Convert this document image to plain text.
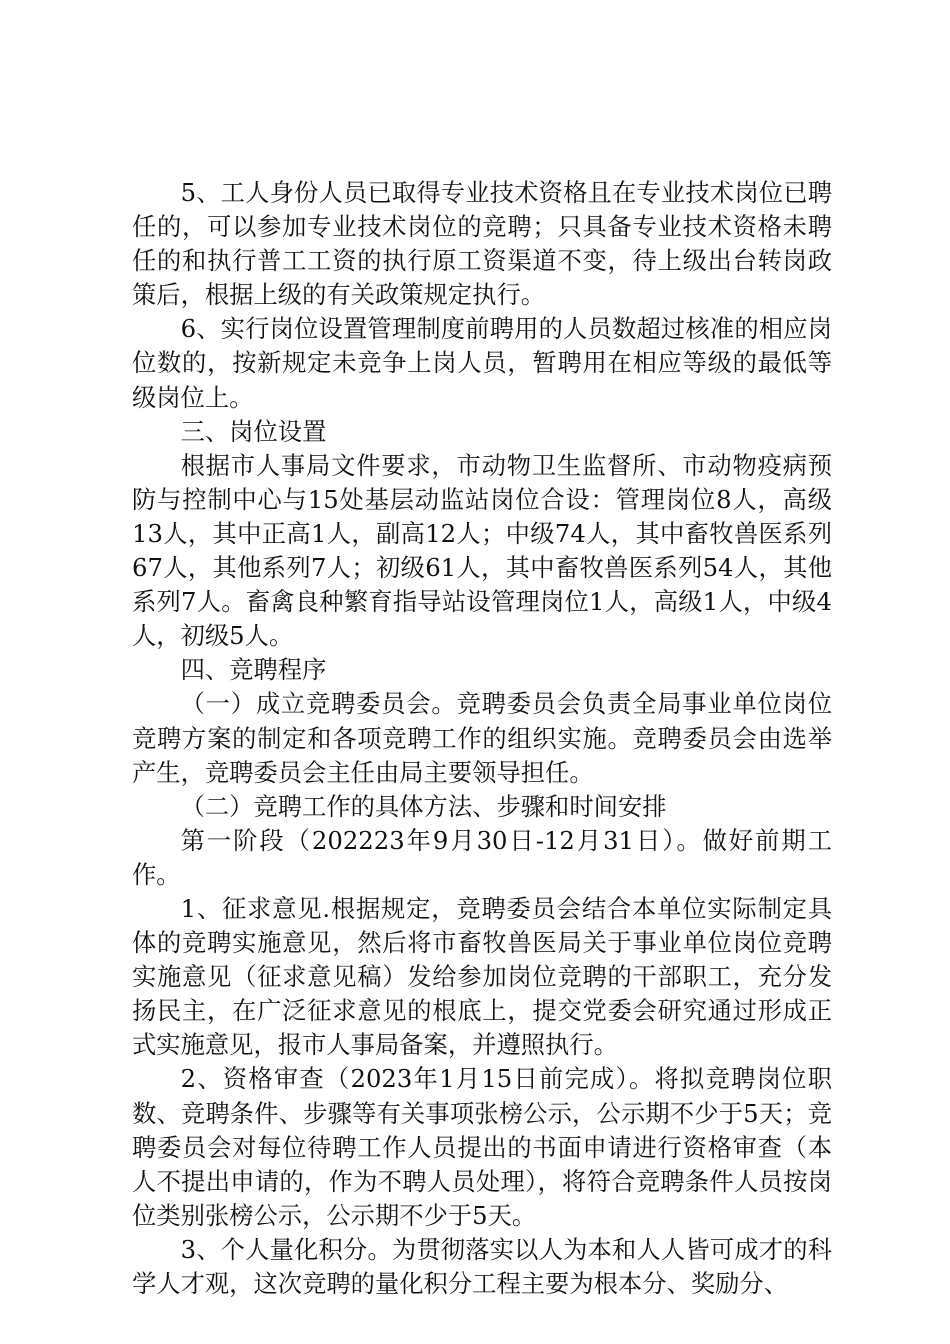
5、工人身份人员已取得专业技术资格且在专业技术岗位已聘任的，可以参加专业技术岗位的竞聘；只具备专业技术资格未聘任的和执行普工工资的执行原工资渠道不变，待上级出台转岗政策后，根据上级的有关政策规定执行。

6、实行岗位设置管理制度前聘用的人员数超过核准的相应岗位数的，按新规定未竞争上岗人员，暂聘用在相应等级的最低等级岗位上。

三、岗位设置

根据市人事局文件要求，市动物卫生监督所、市动物疫病预防与控制中心与15处基层动监站岗位合设：管理岗位8人，高级13人，其中正高1人，副高12人；中级74人，其中畜牧兽医系列67人，其他系列7人；初级61人，其中畜牧兽医系列54人，其他系列7人。畜禽良种繁育指导站设管理岗位1人，高级1人，中级4人，初级5人。

四、竞聘程序

（一）成立竞聘委员会。竞聘委员会负责全局事业单位岗位竞聘方案的制定和各项竞聘工作的组织实施。竞聘委员会由选举产生，竞聘委员会主任由局主要领导担任。

（二）竞聘工作的具体方法、步骤和时间安排

第一阶段（202223年9月30日-12月31日）。做好前期工作。

1、征求意见.根据规定，竞聘委员会结合本单位实际制定具体的竞聘实施意见，然后将市畜牧兽医局关于事业单位岗位竞聘实施意见（征求意见稿）发给参加岗位竞聘的干部职工，充分发扬民主，在广泛征求意见的根底上，提交党委会研究通过形成正式实施意见，报市人事局备案，并遵照执行。

2、资格审查（2023年1月15日前完成）。将拟竞聘岗位职数、竞聘条件、步骤等有关事项张榜公示，公示期不少于5天；竞聘委员会对每位待聘工作人员提出的书面申请进行资格审查（本人不提出申请的，作为不聘人员处理），将符合竞聘条件人员按岗位类别张榜公示，公示期不少于5天。

3、个人量化积分。为贯彻落实以人为本和人人皆可成才的科学人才观，这次竞聘的量化积分工程主要为根本分、奖励分、
